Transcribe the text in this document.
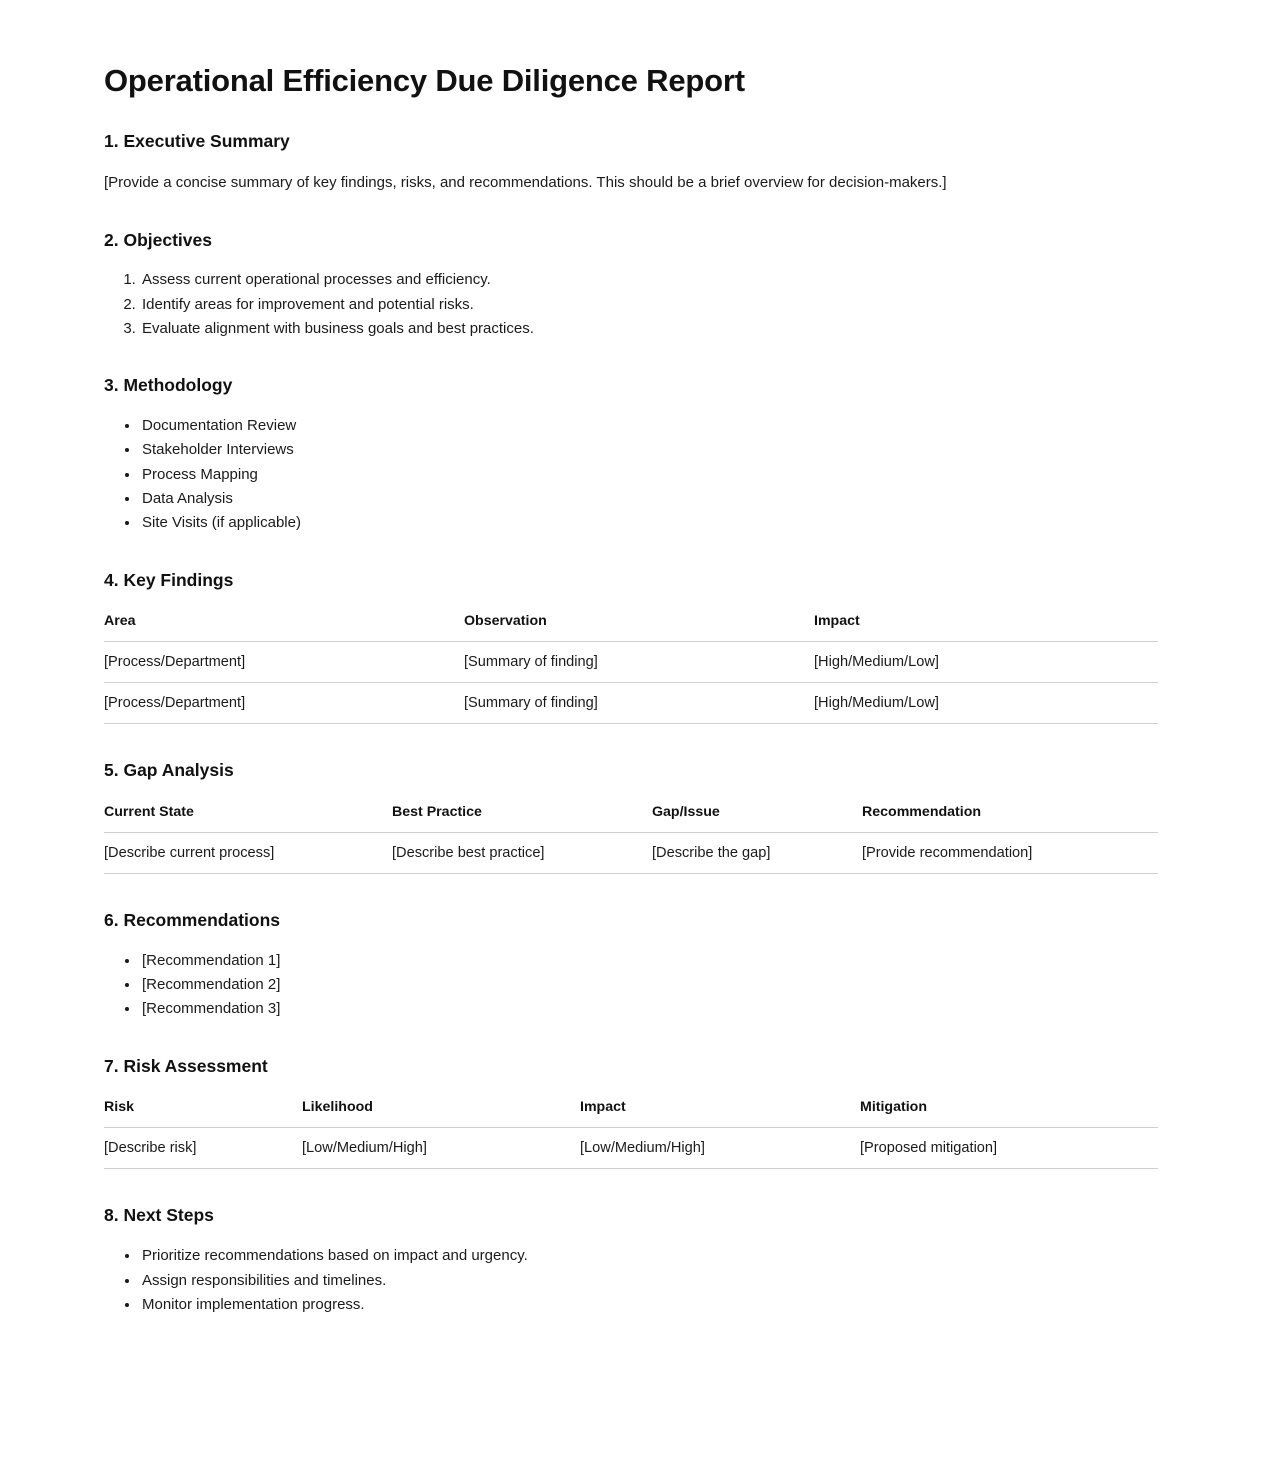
Operational Efficiency Due Diligence Report
1. Executive Summary

[Provide a concise summary of key findings, risks, and recommendations. This should be a brief overview for decision-makers.]

2. Objectives
1. Assess current operational processes and efficiency.
2. Identify areas for improvement and potential risks.
3. Evaluate alignment with business goals and best practices.
3. Methodology
• Documentation Review
• Stakeholder Interviews
• Process Mapping
• Data Analysis
• Site Visits (if applicable)
4. Key Findings
Area	Observation	Impact
[Process/Department]	[Summary of finding]	[High/Medium/Low]
[Process/Department]	[Summary of finding]	[High/Medium/Low]
5. Gap Analysis
Current State	Best Practice	Gap/Issue	Recommendation
[Describe current process]	[Describe best practice]	[Describe the gap]	[Provide recommendation]
6. Recommendations
• [Recommendation 1]
• [Recommendation 2]
• [Recommendation 3]
7. Risk Assessment
Risk	Likelihood	Impact	Mitigation
[Describe risk]	[Low/Medium/High]	[Low/Medium/High]	[Proposed mitigation]
8. Next Steps
• Prioritize recommendations based on impact and urgency.
• Assign responsibilities and timelines.
• Monitor implementation progress.
